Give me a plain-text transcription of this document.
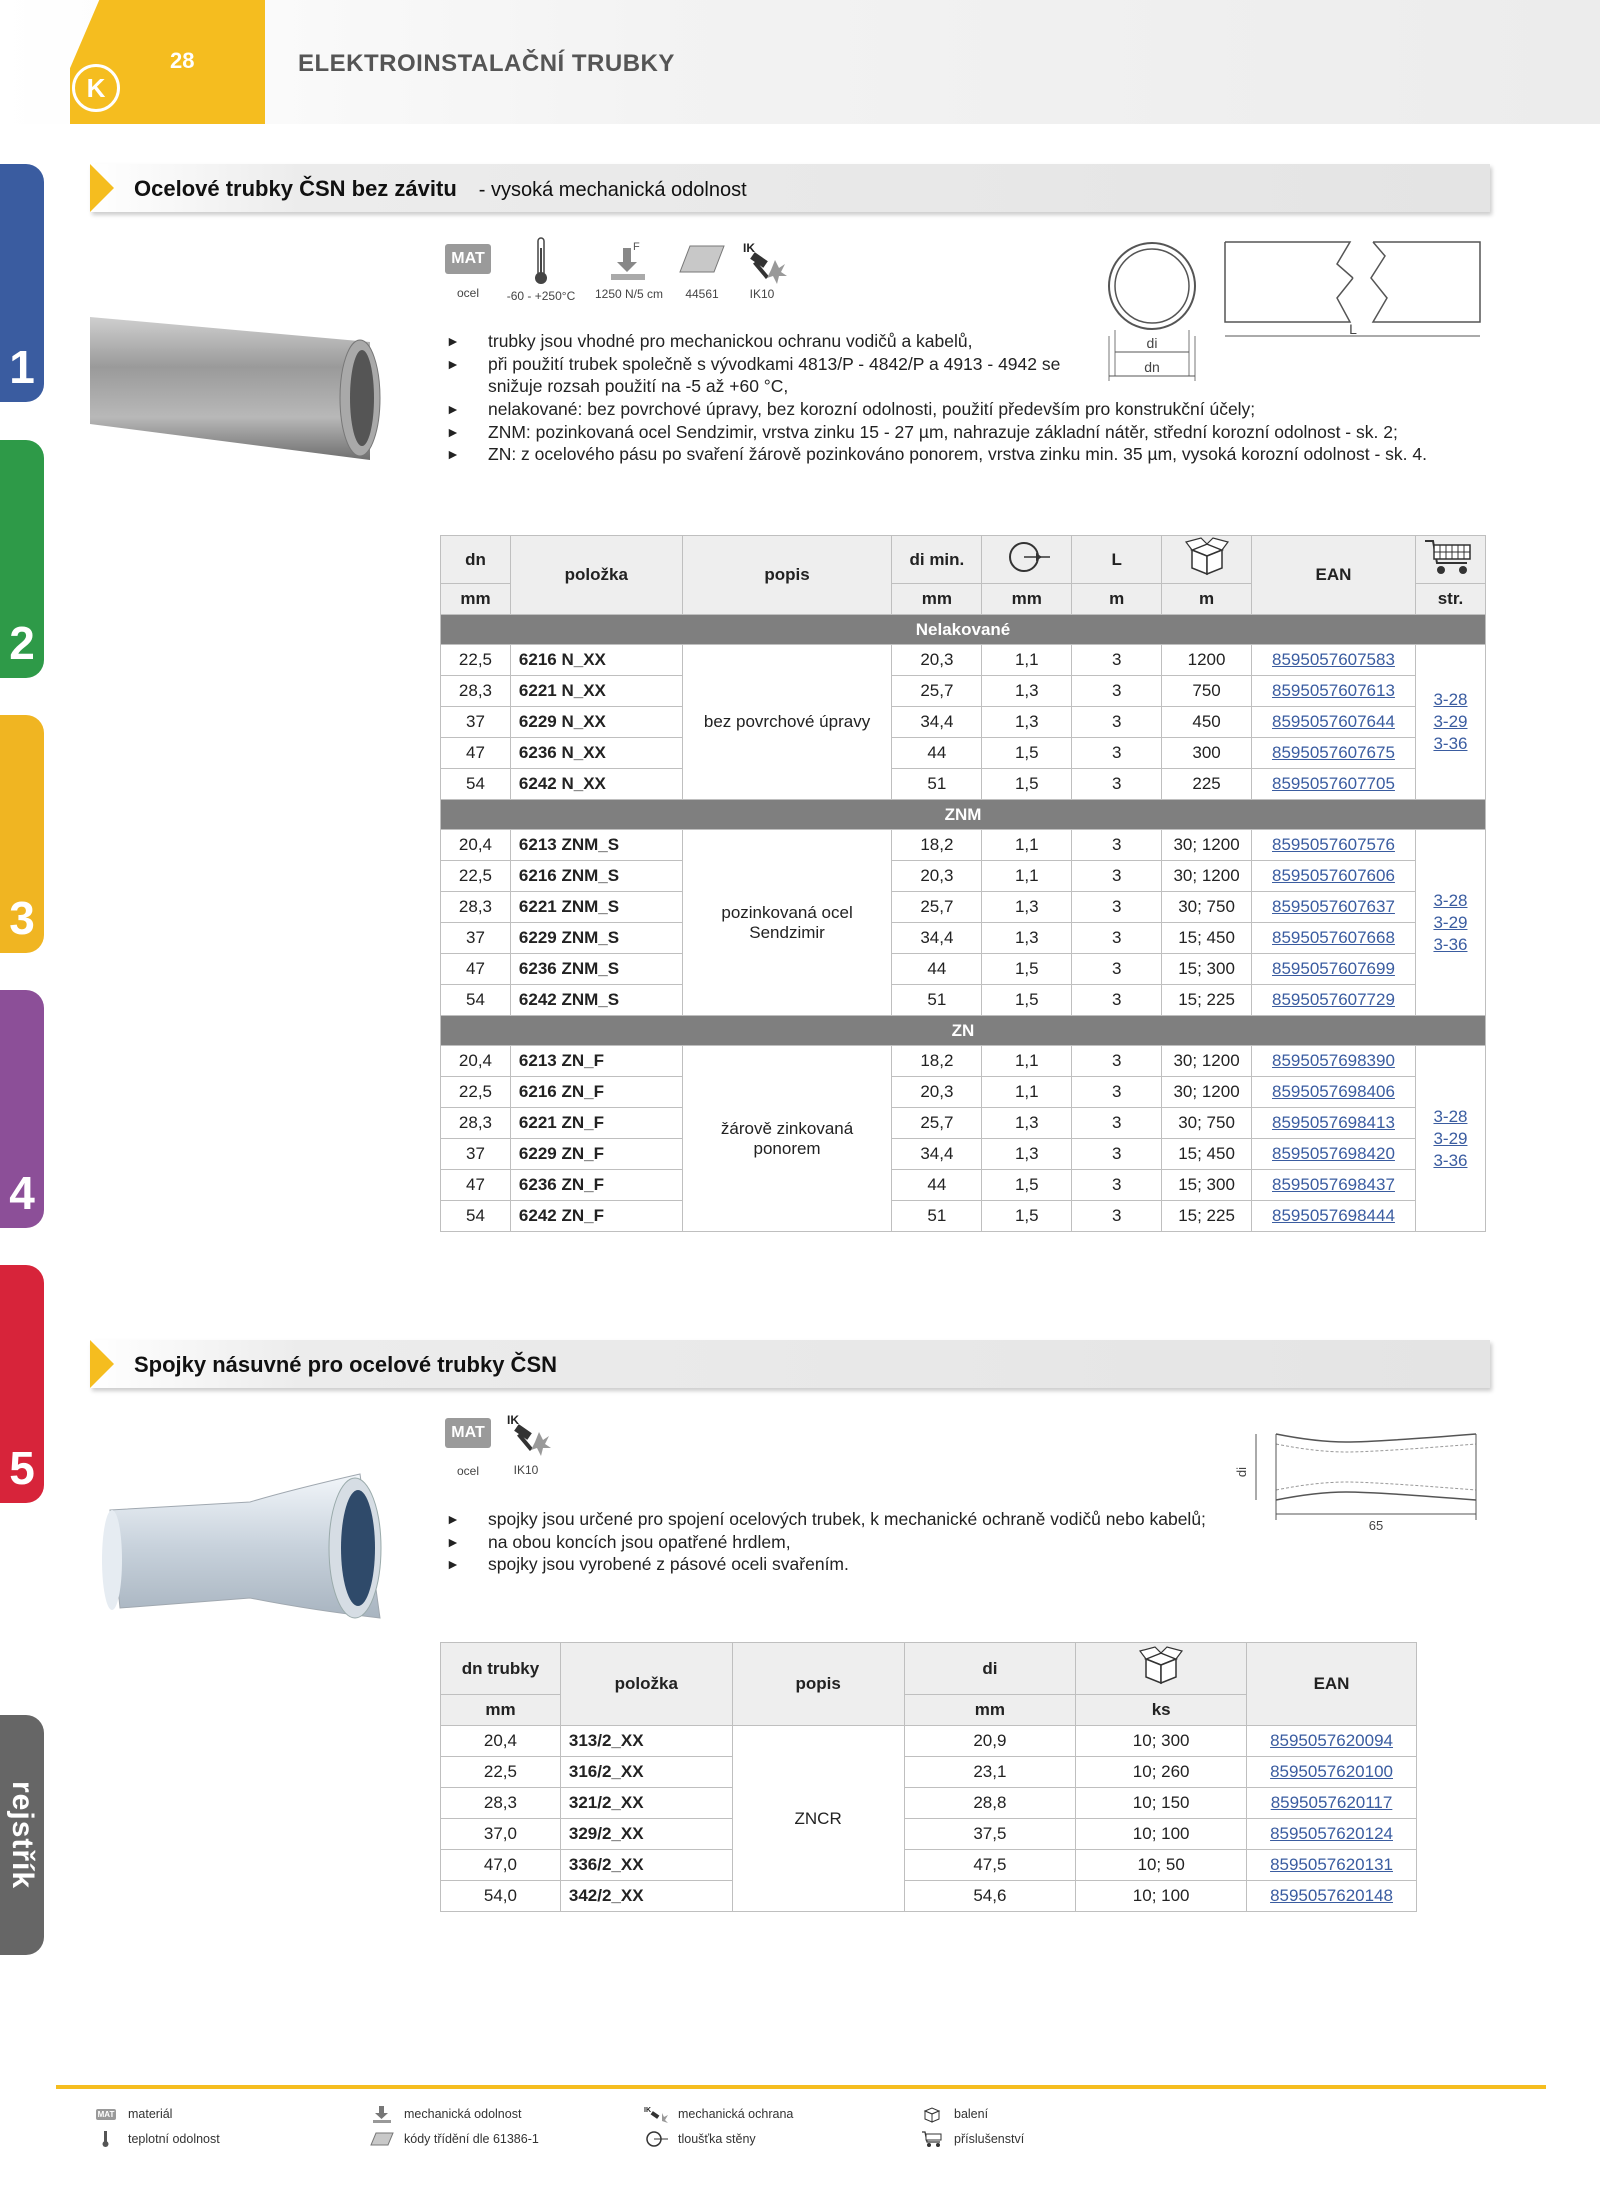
K
28	ELEKTROINSTALAČNÍ TRUBKY
1
2
3
4
5
rejstřík
Ocelové trubky ČSN bez závitu - vysoká mechanická odolnost
MAT
ocel	-60 - +250°C
F
1250 N/5 cm	44561
IK
IK10
di
dn
L
► trubky jsou vhodné pro mechanickou ochranu vodičů a kabelů,
► při použití trubek společně s vývodkami 4813/P - 4842/P a 4913 - 4942 se snižuje rozsah použití na -5 až +60 °C,
► nelakované: bez povrchové úpravy, bez korozní odolnosti, použití především pro konstrukční účely;
► ZNM: pozinkovaná ocel Sendzimir, vrstva zinku 15 - 27 µm, nahrazuje základní nátěr, střední korozní odolnost - sk. 2;
► ZN: z ocelového pásu po svaření žárově pozinkováno ponorem, vrstva zinku min. 35 µm, vysoká korozní odolnost - sk. 4.
dn	položka	popis	di min.		L		EAN	
mm			mm	mm	m	m		str.
Nelakované								
22,5	6216 N_XX	bez povrchové úpravy	20,3	1,1	3	1200	8595057607583	3-28
3-29
3-36
28,3	6221 N_XX		25,7	1,3	3	750	8595057607613	
37	6229 N_XX		34,4	1,3	3	450	8595057607644	
47	6236 N_XX		44	1,5	3	300	8595057607675	
54	6242 N_XX		51	1,5	3	225	8595057607705	
ZNM								
20,4	6213 ZNM_S	pozinkovaná ocel Sendzimir	18,2	1,1	3	30; 1200	8595057607576	3-28
3-29
3-36
22,5	6216 ZNM_S		20,3	1,1	3	30; 1200	8595057607606	
28,3	6221 ZNM_S		25,7	1,3	3	30; 750	8595057607637	
37	6229 ZNM_S		34,4	1,3	3	15; 450	8595057607668	
47	6236 ZNM_S		44	1,5	3	15; 300	8595057607699	
54	6242 ZNM_S		51	1,5	3	15; 225	8595057607729	
ZN								
20,4	6213 ZN_F	žárově zinkovaná ponorem	18,2	1,1	3	30; 1200	8595057698390	3-28
3-29
3-36
22,5	6216 ZN_F		20,3	1,1	3	30; 1200	8595057698406	
28,3	6221 ZN_F		25,7	1,3	3	30; 750	8595057698413	
37	6229 ZN_F		34,4	1,3	3	15; 450	8595057698420	
47	6236 ZN_F		44	1,5	3	15; 300	8595057698437	
54	6242 ZN_F		51	1,5	3	15; 225	8595057698444	
Spojky násuvné pro ocelové trubky ČSN
MAT
ocel
IK
IK10	di
65
► spojky jsou určené pro spojení ocelových trubek, k mechanické ochraně vodičů nebo kabelů;
► na obou koncích jsou opatřené hrdlem,
► spojky jsou vyrobené z pásové oceli svařením.
dn trubky	položka	popis	di		EAN
mm			mm	ks	
20,4	313/2_XX	ZNCR	20,9	10; 300	8595057620094
22,5	316/2_XX		23,1	10; 260	8595057620100
28,3	321/2_XX		28,8	10; 150	8595057620117
37,0	329/2_XX		37,5	10; 100	8595057620124
47,0	336/2_XX		47,5	10; 50	8595057620131
54,0	342/2_XX		54,6	10; 100	8595057620148
MAT materiál
teplotní odolnost
mechanická odolnost
kódy třídění dle 61386-1
IK mechanická ochrana
tloušťka stěny
balení
příslušenství
